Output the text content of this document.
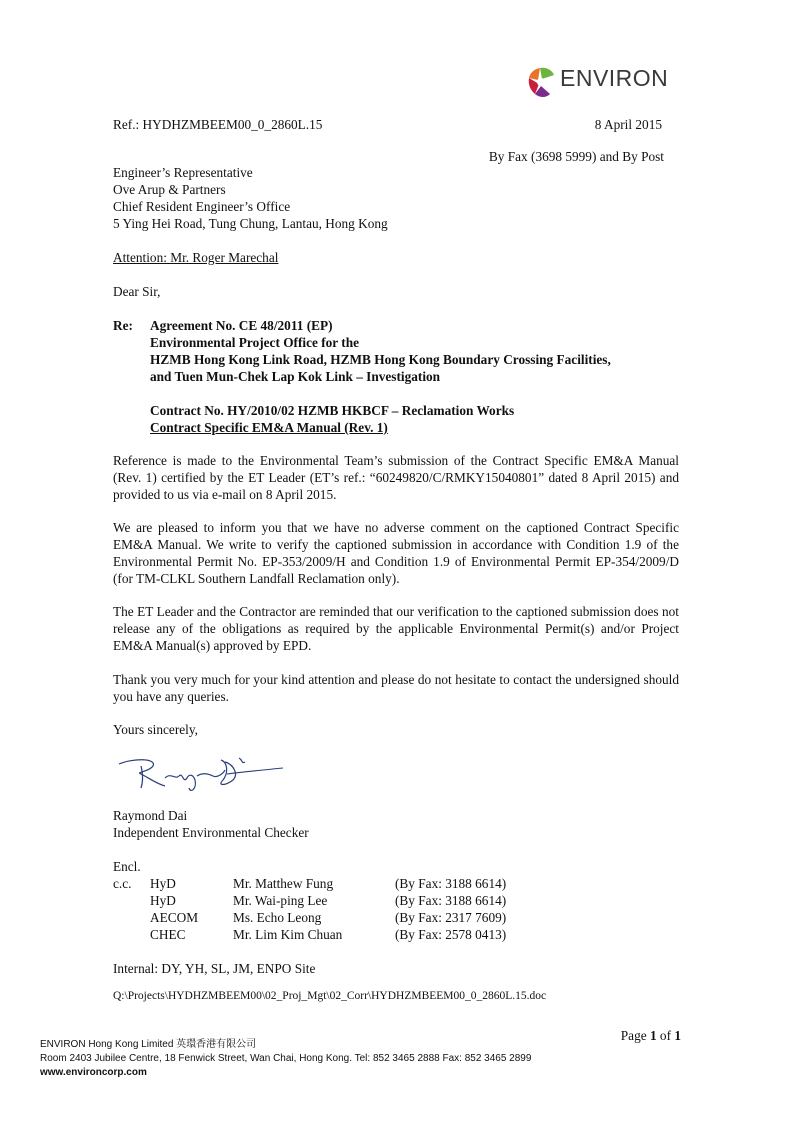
ENVIRON
Ref.: HYDHZMBEEM00_0_2860L.15	8 April 2015
By Fax (3698 5999) and By Post
Engineer’s Representative
Ove Arup & Partners
Chief Resident Engineer’s Office
5 Ying Hei Road, Tung Chung, Lantau, Hong Kong
Attention: Mr. Roger Marechal
Dear Sir,
Re: Agreement No. CE 48/2011 (EP)
Environmental Project Office for the
HZMB Hong Kong Link Road, HZMB Hong Kong Boundary Crossing Facilities,
and Tuen Mun-Chek Lap Kok Link – Investigation
Contract No. HY/2010/02 HZMB HKBCF – Reclamation Works
Contract Specific EM&A Manual (Rev. 1)
Reference is made to the Environmental Team’s submission of the Contract Specific EM&A Manual (Rev. 1) certified by the ET Leader (ET’s ref.: “60249820/C/RMKY15040801” dated 8 April 2015) and provided to us via e-mail on 8 April 2015.
We are pleased to inform you that we have no adverse comment on the captioned Contract Specific EM&A Manual. We write to verify the captioned submission in accordance with Condition 1.9 of the Environmental Permit No. EP-353/2009/H and Condition 1.9 of Environmental Permit EP-354/2009/D (for TM-CLKL Southern Landfall Reclamation only).
The ET Leader and the Contractor are reminded that our verification to the captioned submission does not release any of the obligations as required by the applicable Environmental Permit(s) and/or Project EM&A Manual(s) approved by EPD.
Thank you very much for your kind attention and please do not hesitate to contact the undersigned should you have any queries.
Yours sincerely,
Raymond Dai
Independent Environmental Checker
Encl.
c.c.	HyD	Mr. Matthew Fung	(By Fax: 3188 6614)
	HyD	Mr. Wai-ping Lee	(By Fax: 3188 6614)
	AECOM	Ms. Echo Leong	(By Fax: 2317 7609)
	CHEC	Mr. Lim Kim Chuan	(By Fax: 2578 0413)
Internal: DY, YH, SL, JM, ENPO Site
Q:\Projects\HYDHZMBEEM00\02_Proj_Mgt\02_Corr\HYDHZMBEEM00_0_2860L.15.doc
Page 1 of 1
ENVIRON Hong Kong Limited 英環香港有限公司
Room 2403 Jubilee Centre, 18 Fenwick Street, Wan Chai, Hong Kong. Tel: 852 3465 2888 Fax: 852 3465 2899
www.environcorp.com
